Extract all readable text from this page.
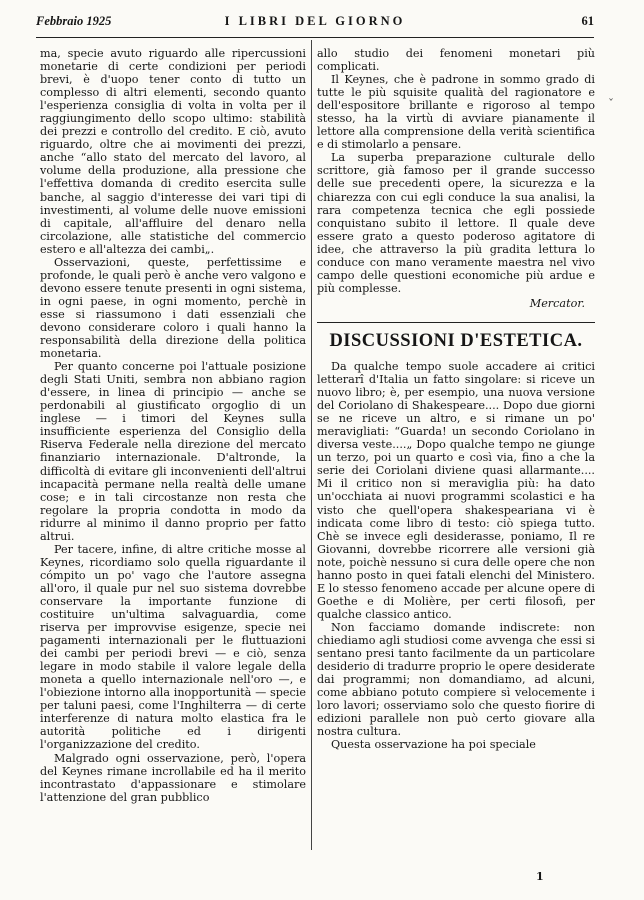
Febbraio 1925	I LIBRI DEL GIORNO	61

ma, specie avuto riguardo alle ripercussioni monetarie di certe condizioni per periodi brevi, è d'uopo tener conto di tutto un complesso di altri elementi, secondo quanto l'esperienza consiglia di volta in volta per il raggiungimento dello scopo ultimo: stabilità dei prezzi e controllo del credito. E ciò, avuto riguardo, oltre che ai movimenti dei prezzi, anche “allo stato del mercato del lavoro, al volume della produzione, alla pressione che l'effettiva domanda di credito esercita sulle banche, al saggio d'interesse dei vari tipi di investimenti, al volume delle nuove emissioni di capitale, all'affluire del denaro nella circolazione, alle statistiche del commercio estero e all'altezza dei cambi„.

Osservazioni, queste, perfettissime e profonde, le quali però è anche vero valgono e devono essere tenute presenti in ogni sistema, in ogni paese, in ogni momento, perchè in esse si riassumono i dati essenziali che devono considerare coloro i quali hanno la responsabilità della direzione della politica monetaria.

Per quanto concerne poi l'attuale posizione degli Stati Uniti, sembra non abbiano ragion d'essere, in linea di principio — anche se perdonabili al giustificato orgoglio di un inglese — i timori del Keynes sulla insufficiente esperienza del Consiglio della Riserva Federale nella direzione del mercato finanziario internazionale. D'altronde, la difficoltà di evitare gli inconvenienti dell'altrui incapacità permane nella realtà delle umane cose; e in tali circostanze non resta che regolare la propria condotta in modo da ridurre al minimo il danno proprio per fatto altrui.

Per tacere, infine, di altre critiche mosse al Keynes, ricordiamo solo quella riguardante il cómpito un po' vago che l'autore assegna all'oro, il quale pur nel suo sistema dovrebbe conservare la importante funzione di costituire un'ultima salvaguardia, come riserva per improvvise esigenze, specie nei pagamenti internazionali per le fluttuazioni dei cambi per periodi brevi — e ciò, senza legare in modo stabile il valore legale della moneta a quello internazionale nell'oro —, e l'obiezione intorno alla inopportunità — specie per taluni paesi, come l'Inghilterra — di certe interferenze di natura molto elastica fra le autorità politiche ed i dirigenti l'organizzazione del credito.

Malgrado ogni osservazione, però, l'opera del Keynes rimane incrollabile ed ha il merito incontrastato d'appassionare e stimolare l'attenzione del gran pubblico

allo studio dei fenomeni monetari più complicati.

Il Keynes, che è padrone in sommo grado di tutte le più squisite qualità del ragionatore e dell'espositore brillante e rigoroso al tempo stesso, ha la virtù di avviare pianamente il lettore alla comprensione della verità scientifica e di stimolarlo a pensare.

La superba preparazione culturale dello scrittore, già famoso per il grande successo delle sue precedenti opere, la sicurezza e la chiarezza con cui egli conduce la sua analisi, la rara competenza tecnica che egli possiede conquistano subito il lettore. Il quale deve essere grato a questo poderoso agitatore di idee, che attraverso la più gradita lettura lo conduce con mano veramente maestra nel vivo campo delle questioni economiche più ardue e più complesse.

Mercator.
DISCUSSIONI D'ESTETICA.

Da qualche tempo suole accadere ai critici letterarî d'Italia un fatto singolare: si riceve un nuovo libro; è, per esempio, una nuova versione del Coriolano di Shakespeare.... Dopo due giorni se ne riceve un altro, e si rimane un po' meravigliati: “Guarda! un secondo Coriolano in diversa veste....„ Dopo qualche tempo ne giunge un terzo, poi un quarto e così via, fino a che la serie dei Coriolani diviene quasi allarmante.... Mi il critico non si meraviglia più: ha dato un'occhiata ai nuovi programmi scolastici e ha visto che quell'opera shakespeariana vi è indicata come libro di testo: ciò spiega tutto. Chè se invece egli desiderasse, poniamo, Il re Giovanni, dovrebbe ricorrere alle versioni già note, poichè nessuno si cura delle opere che non hanno posto in quei fatali elenchi del Ministero. E lo stesso fenomeno accade per alcune opere di Goethe e di Molière, per certi filosofi, per qualche classico antico.

Non facciamo domande indiscrete: non chiediamo agli studiosi come avvenga che essi si sentano presi tanto facilmente da un particolare desiderio di tradurre proprio le opere desiderate dai programmi; non domandiamo, ad alcuni, come abbiano potuto compiere sì velocemente i loro lavori; osserviamo solo che questo fiorire di edizioni parallele non può certo giovare alla nostra cultura.

Questa osservazione ha poi speciale

1
ˇ
